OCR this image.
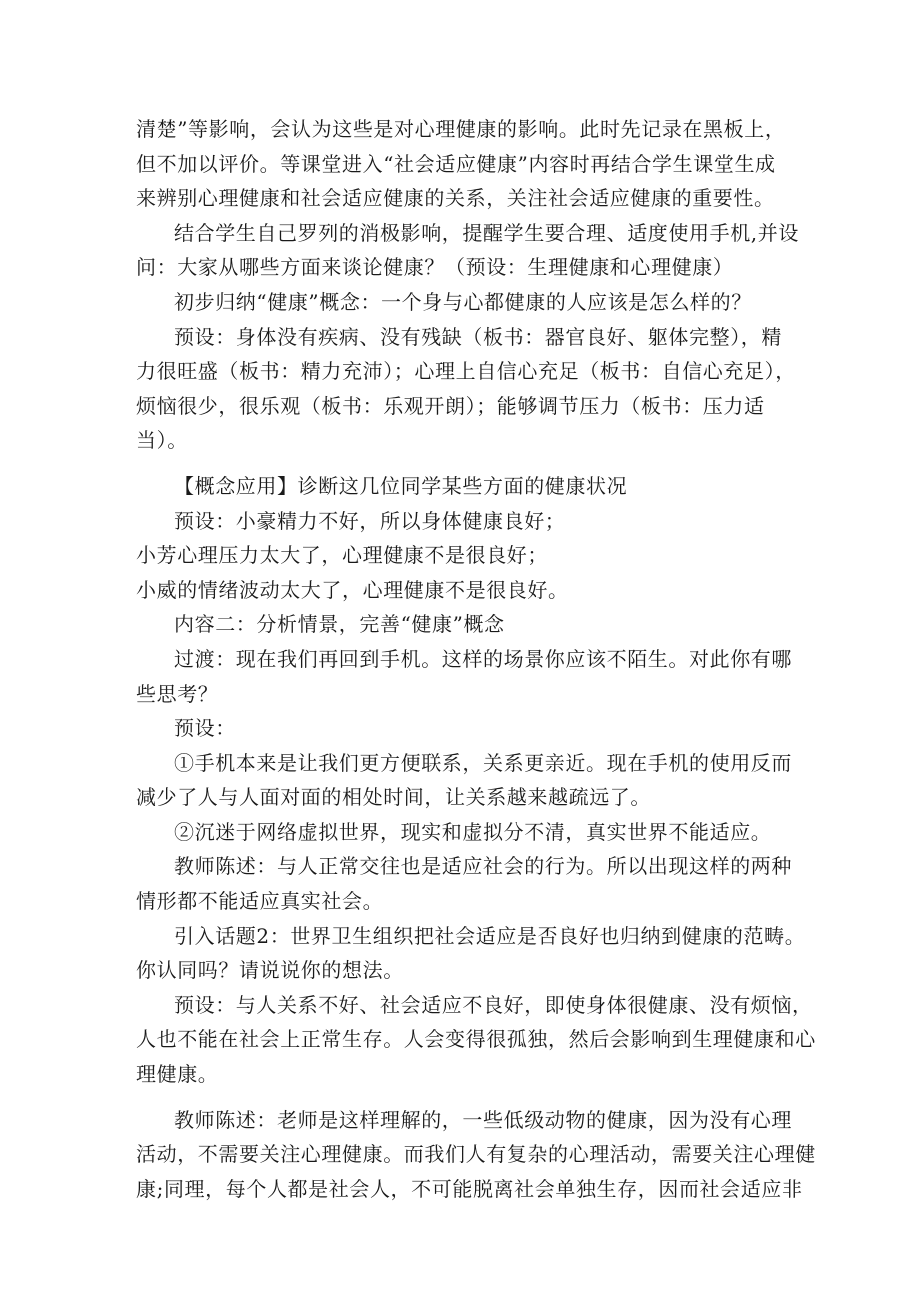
清楚”等影响，会认为这些是对心理健康的影响。此时先记录在黑板上，
但不加以评价。等课堂进入“社会适应健康”内容时再结合学生课堂生成
来辨别心理健康和社会适应健康的关系，关注社会适应健康的重要性。
结合学生自己罗列的消极影响，提醒学生要合理、适度使用手机,并设
问：大家从哪些方面来谈论健康？（预设：生理健康和心理健康）
初步归纳“健康”概念：一个身与心都健康的人应该是怎么样的？
预设：身体没有疾病、没有残缺（板书：器官良好、躯体完整），精
力很旺盛（板书：精力充沛）；心理上自信心充足（板书：自信心充足），
烦恼很少，很乐观（板书：乐观开朗）；能够调节压力（板书：压力适
当）。
【概念应用】诊断这几位同学某些方面的健康状况
预设：小豪精力不好，所以身体健康良好；
小芳心理压力太大了，心理健康不是很良好；
小威的情绪波动太大了，心理健康不是很良好。
内容二：分析情景，完善“健康”概念
过渡：现在我们再回到手机。这样的场景你应该不陌生。对此你有哪
些思考？
预设：
①手机本来是让我们更方便联系，关系更亲近。现在手机的使用反而
减少了人与人面对面的相处时间，让关系越来越疏远了。
②沉迷于网络虚拟世界，现实和虚拟分不清，真实世界不能适应。
教师陈述：与人正常交往也是适应社会的行为。所以出现这样的两种
情形都不能适应真实社会。
引入话题2：世界卫生组织把社会适应是否良好也归纳到健康的范畴。
你认同吗？请说说你的想法。
预设：与人关系不好、社会适应不良好，即使身体很健康、没有烦恼，
人也不能在社会上正常生存。人会变得很孤独，然后会影响到生理健康和心
理健康。
教师陈述：老师是这样理解的，一些低级动物的健康，因为没有心理
活动，不需要关注心理健康。而我们人有复杂的心理活动，需要关注心理健
康;同理，每个人都是社会人，不可能脱离社会单独生存，因而社会适应非
